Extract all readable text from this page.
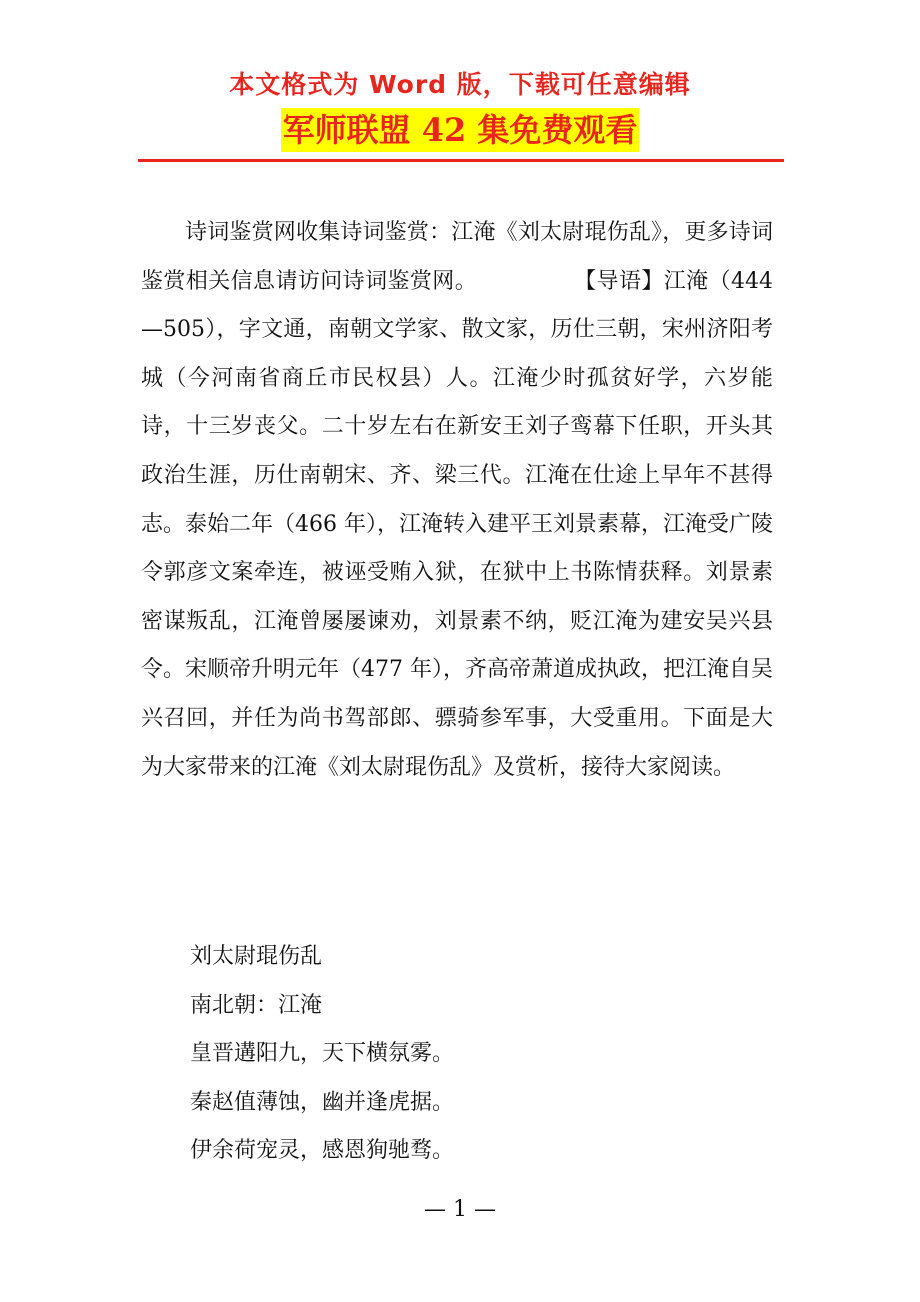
本文格式为 Word 版，下载可任意编辑
军师联盟 42 集免费观看
诗词鉴赏网收集诗词鉴赏：江淹《刘太尉琨伤乱》，更多诗词鉴赏相关信息请访问诗词鉴赏网。	【导语】江淹（444—505），字文通，南朝文学家、散文家，历仕三朝，宋州济阳考城（今河南省商丘市民权县）人。江淹少时孤贫好学，六岁能诗，十三岁丧父。二十岁左右在新安王刘子鸾幕下任职，开头其政治生涯，历仕南朝宋、齐、梁三代。江淹在仕途上早年不甚得志。泰始二年（466 年），江淹转入建平王刘景素幕，江淹受广陵令郭彦文案牵连，被诬受贿入狱，在狱中上书陈情获释。刘景素密谋叛乱，江淹曾屡屡谏劝，刘景素不纳，贬江淹为建安吴兴县令。宋顺帝升明元年（477 年），齐高帝萧道成执政，把江淹自吴兴召回，并任为尚书驾部郎、骠骑参军事，大受重用。下面是大为大家带来的江淹《刘太尉琨伤乱》及赏析，接待大家阅读。
刘太尉琨伤乱
南北朝：江淹
皇晋遘阳九，天下横氛雾。
秦赵值薄蚀，幽并逢虎据。
伊余荷宠灵，感恩狥驰骛。
— 1 —
